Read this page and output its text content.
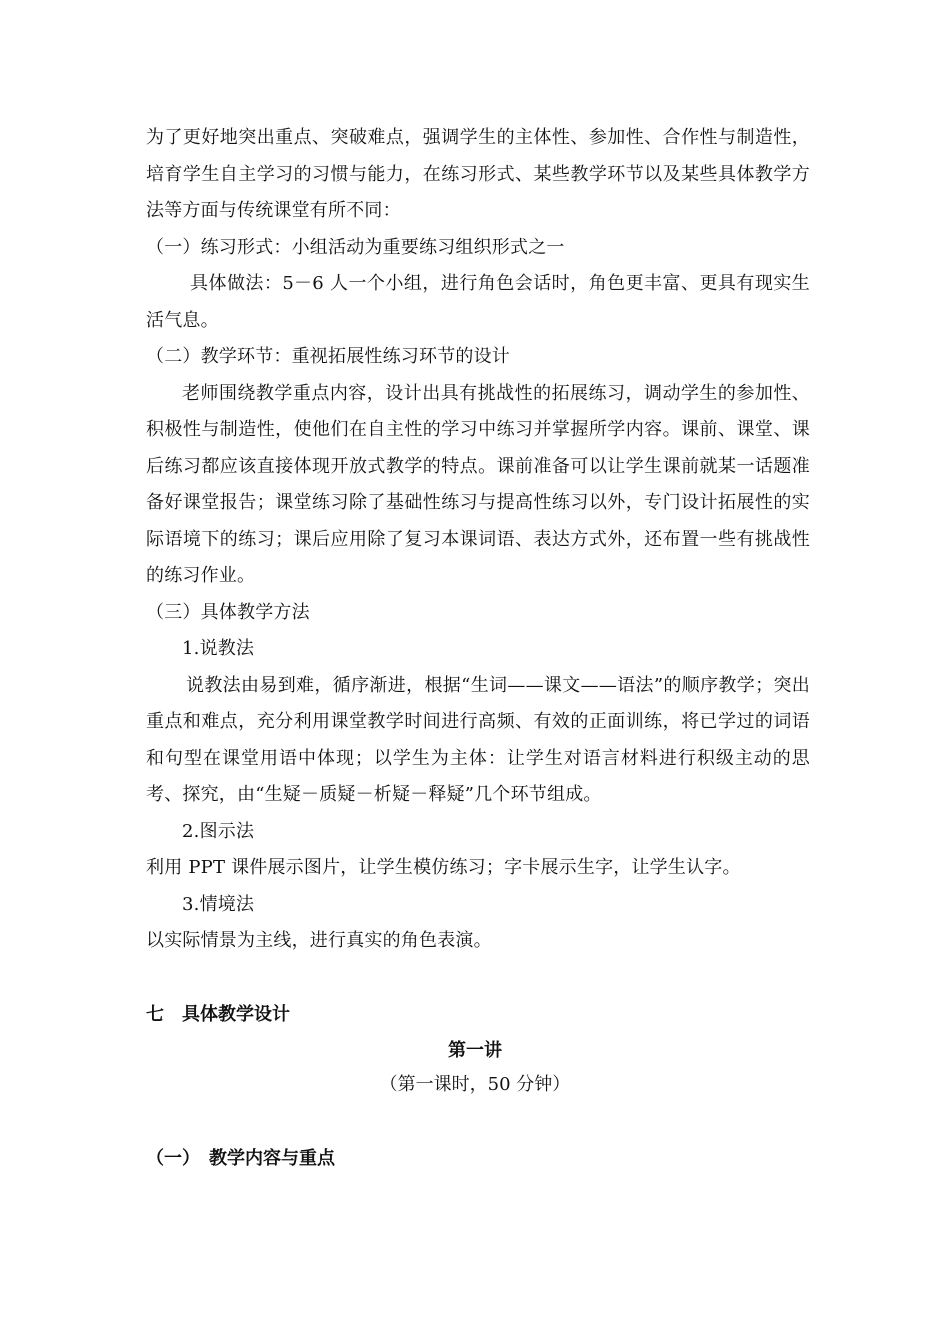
为了更好地突出重点、突破难点，强调学生的主体性、参加性、合作性与制造性，培育学生自主学习的习惯与能力，在练习形式、某些教学环节以及某些具体教学方法等方面与传统课堂有所不同：

（一）练习形式：小组活动为重要练习组织形式之一

具体做法：5－6 人一个小组，进行角色会话时，角色更丰富、更具有现实生活气息。

（二）教学环节：重视拓展性练习环节的设计

老师围绕教学重点内容，设计出具有挑战性的拓展练习，调动学生的参加性、积极性与制造性，使他们在自主性的学习中练习并掌握所学内容。课前、课堂、课后练习都应该直接体现开放式教学的特点。课前准备可以让学生课前就某一话题准备好课堂报告；课堂练习除了基础性练习与提高性练习以外，专门设计拓展性的实际语境下的练习；课后应用除了复习本课词语、表达方式外，还布置一些有挑战性的练习作业。

（三）具体教学方法

1.说教法

说教法由易到难，循序渐进，根据“生词——课文——语法”的顺序教学；突出重点和难点，充分利用课堂教学时间进行高频、有效的正面训练，将已学过的词语和句型在课堂用语中体现；以学生为主体：让学生对语言材料进行积级主动的思考、探究，由“生疑－质疑－析疑－释疑”几个环节组成。

2.图示法

利用 PPT 课件展示图片，让学生模仿练习；字卡展示生字，让学生认字。

3.情境法

以实际情景为主线，进行真实的角色表演。

七　具体教学设计
第一讲
（第一课时，50 分钟）
（一）　教学内容与重点
